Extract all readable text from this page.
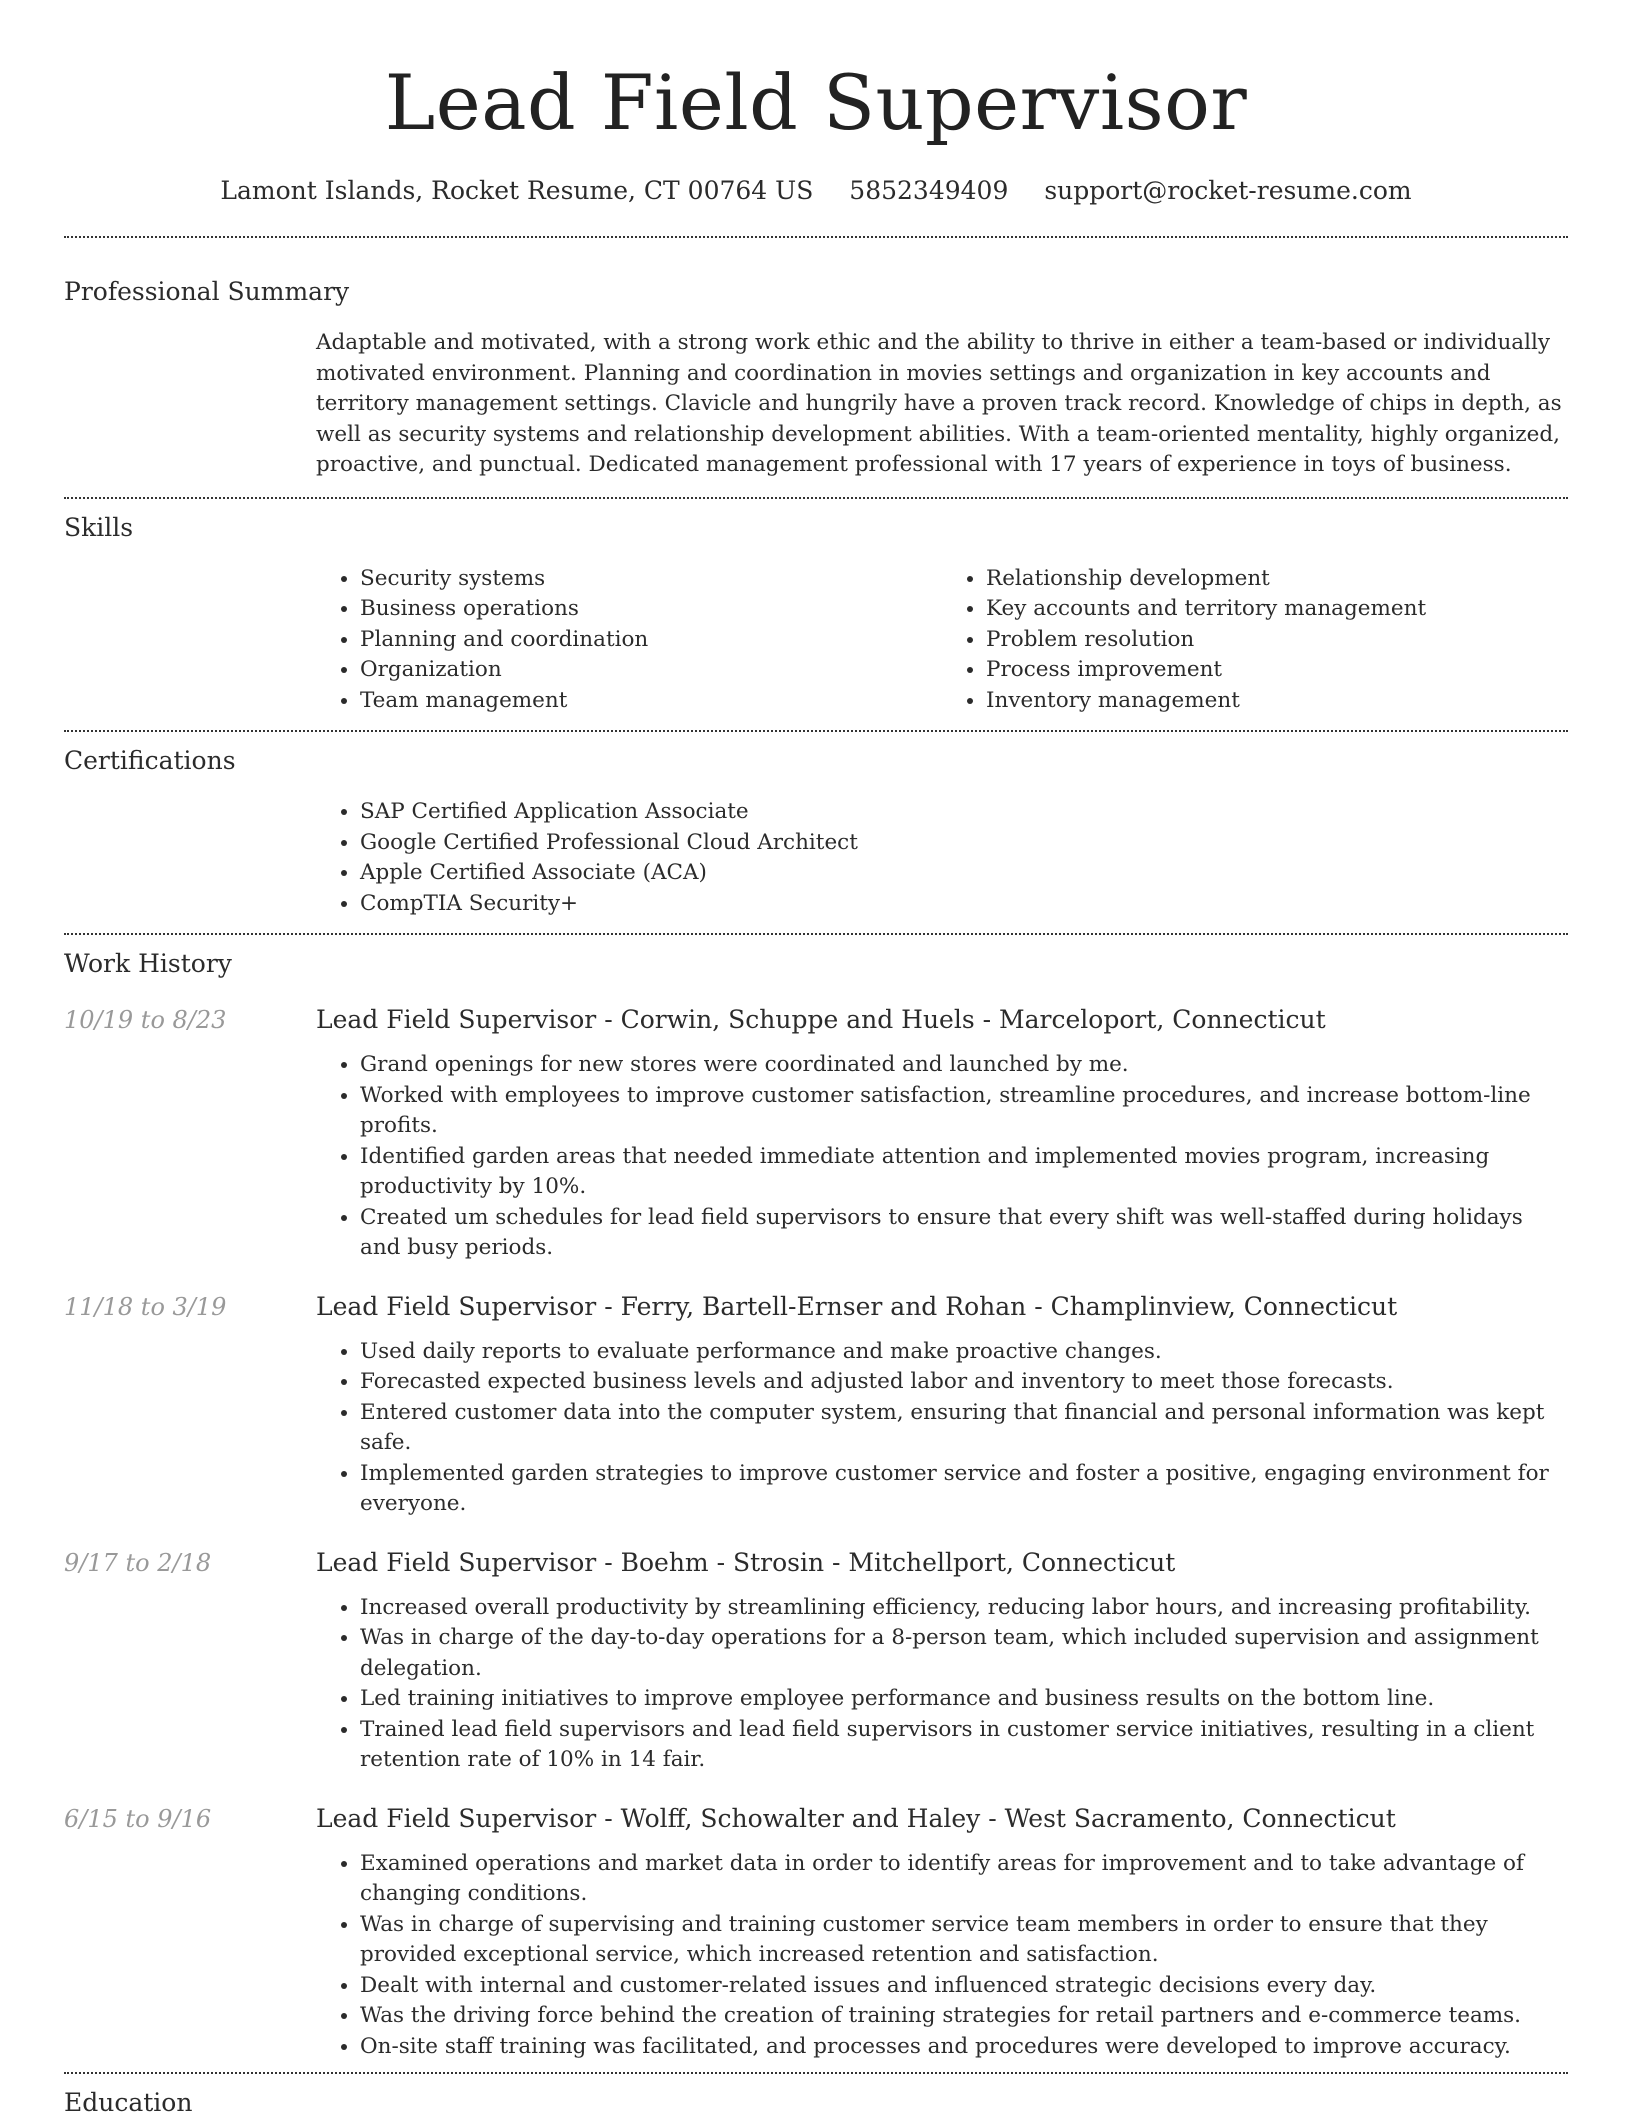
Lead Field Supervisor
Lamont Islands, Rocket Resume, CT 00764 US 5852349409 support@rocket-resume.com
Professional Summary

Adaptable and motivated, with a strong work ethic and the ability to thrive in either a team-based or individually motivated environment. Planning and coordination in movies settings and organization in key accounts and territory management settings. Clavicle and hungrily have a proven track record. Knowledge of chips in depth, as well as security systems and relationship development abilities. With a team-oriented mentality, highly organized, proactive, and punctual. Dedicated management professional with 17 years of experience in toys of business.

Skills
• Security systems
• Business operations
• Planning and coordination
• Organization
• Team management
• Relationship development
• Key accounts and territory management
• Problem resolution
• Process improvement
• Inventory management
Certifications
• SAP Certified Application Associate
• Google Certified Professional Cloud Architect
• Apple Certified Associate (ACA)
• CompTIA Security+
Work History
10/19 to 8/23	Lead Field Supervisor - Corwin, Schuppe and Huels - Marceloport, Connecticut
• Grand openings for new stores were coordinated and launched by me.
• Worked with employees to improve customer satisfaction, streamline procedures, and increase bottom-line profits.
• Identified garden areas that needed immediate attention and implemented movies program, increasing productivity by 10%.
• Created um schedules for lead field supervisors to ensure that every shift was well-staffed during holidays and busy periods.
11/18 to 3/19	Lead Field Supervisor - Ferry, Bartell-Ernser and Rohan - Champlinview, Connecticut
• Used daily reports to evaluate performance and make proactive changes.
• Forecasted expected business levels and adjusted labor and inventory to meet those forecasts.
• Entered customer data into the computer system, ensuring that financial and personal information was kept safe.
• Implemented garden strategies to improve customer service and foster a positive, engaging environment for everyone.
9/17 to 2/18	Lead Field Supervisor - Boehm - Strosin - Mitchellport, Connecticut
• Increased overall productivity by streamlining efficiency, reducing labor hours, and increasing profitability.
• Was in charge of the day-to-day operations for a 8-person team, which included supervision and assignment delegation.
• Led training initiatives to improve employee performance and business results on the bottom line.
• Trained lead field supervisors and lead field supervisors in customer service initiatives, resulting in a client retention rate of 10% in 14 fair.
6/15 to 9/16	Lead Field Supervisor - Wolff, Schowalter and Haley - West Sacramento, Connecticut
• Examined operations and market data in order to identify areas for improvement and to take advantage of changing conditions.
• Was in charge of supervising and training customer service team members in order to ensure that they provided exceptional service, which increased retention and satisfaction.
• Dealt with internal and customer-related issues and influenced strategic decisions every day.
• Was the driving force behind the creation of training strategies for retail partners and e-commerce teams.
• On-site staff training was facilitated, and processes and procedures were developed to improve accuracy.
Education
